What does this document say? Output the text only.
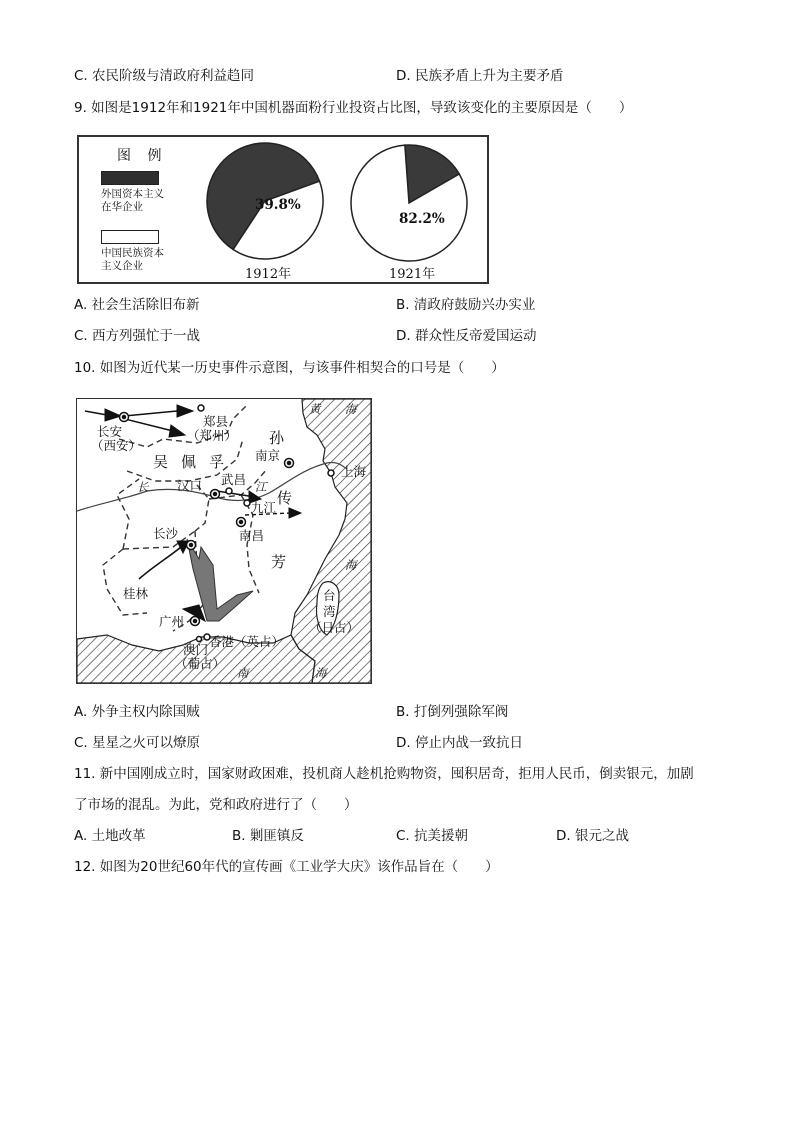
C. 农民阶级与清政府利益趋同	D. 民族矛盾上升为主要矛盾
9. 如图是1912年和1921年中国机器面粉行业投资占比图，导致该变化的主要原因是（　　）
图 例
外国资本主义在华企业
中国民族资本主义企业
39.8%
82.2%
1912年	1921年
A. 社会生活除旧布新	B. 清政府鼓励兴办实业
C. 西方列强忙于一战	D. 群众性反帝爱国运动
10. 如图为近代某一历史事件示意图，与该事件相契合的口号是（　　）
长安
（西安）
郑县
（郑州）
吴 佩 孚
孙
传
芳
南京
上海
武昌
汉口
九江
南昌
长沙
桂林
广州
香港（英占）
澳门
（葡占）
台
湾
（日占）
黄 海
海
海
南
长	江
A. 外争主权内除国贼	B. 打倒列强除军阀
C. 星星之火可以燎原	D. 停止内战一致抗日
11. 新中国刚成立时，国家财政困难，投机商人趁机抢购物资，囤积居奇，拒用人民币，倒卖银元，加剧
了市场的混乱。为此，党和政府进行了（　　）
A. 土地改革	B. 剿匪镇反	C. 抗美援朝	D. 银元之战
12. 如图为20世纪60年代的宣传画《工业学大庆》该作品旨在（　　）
